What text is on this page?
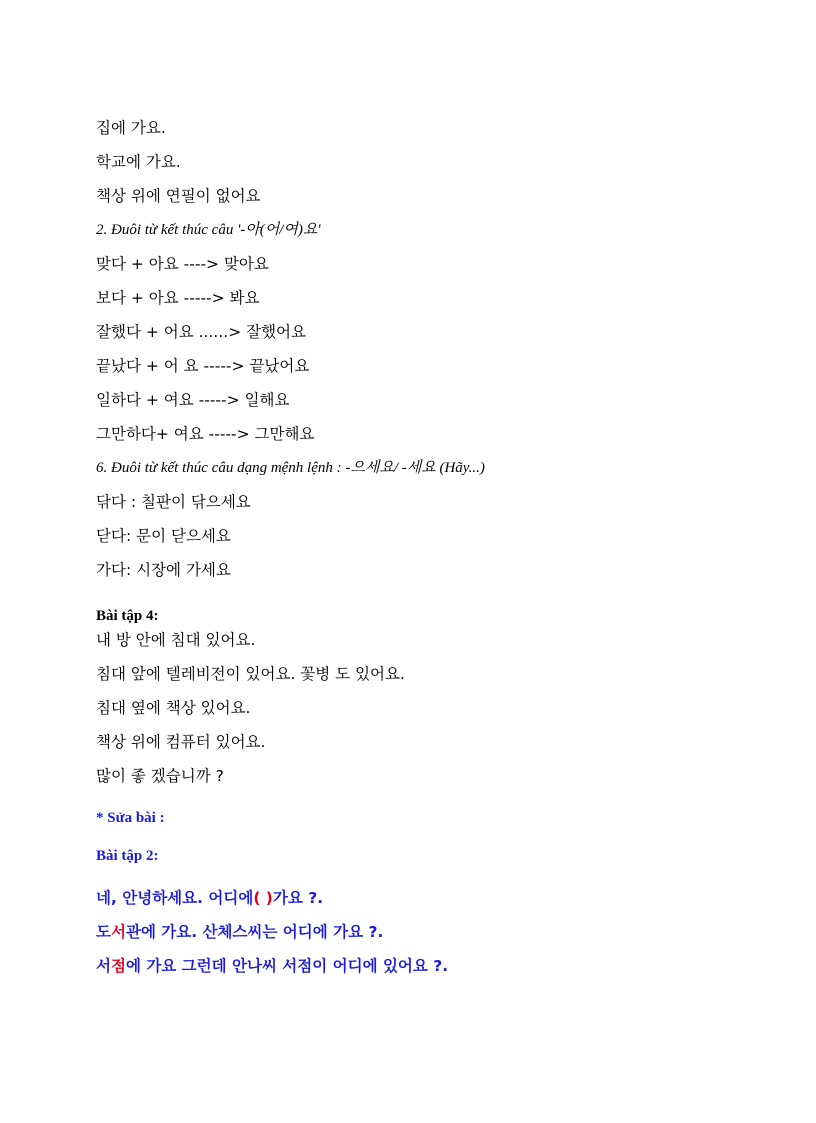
집에 가요.
학교에 가요.
책상 위에 연필이 없어요
2. Đuôi từ kết thúc câu '-아(어/여)요'
맞다 + 아요 ----> 맞아요
보다 + 아요 -----> 봐요
잘했다 + 어요 ......> 잘했어요
끝났다 + 어 요 -----> 끝났어요
일하다 + 여요 -----> 일해요
그만하다+ 여요 -----> 그만해요
6. Đuôi từ kết thúc câu dạng mệnh lệnh : -으세요/ -세요 (Hãy...)
닦다 : 칠판이 닦으세요
닫다: 문이 닫으세요
가다: 시장에 가세요
Bài tập 4:
내 방 안에 침대 있어요.
침대 앞에 텔레비전이 있어요. 꽃병 도 있어요.
침대 옆에 책상 있어요.
책상 위에 컴퓨터 있어요.
많이 좋 겠습니까 ?
* Sửa bài :
Bài tập 2:
네, 안녕하세요. 어디에( )가요 ?.
도서관에 가요. 산체스씨는 어디에 가요 ?.
서점에 가요 그런데 안나씨 서점이 어디에 있어요 ?.
